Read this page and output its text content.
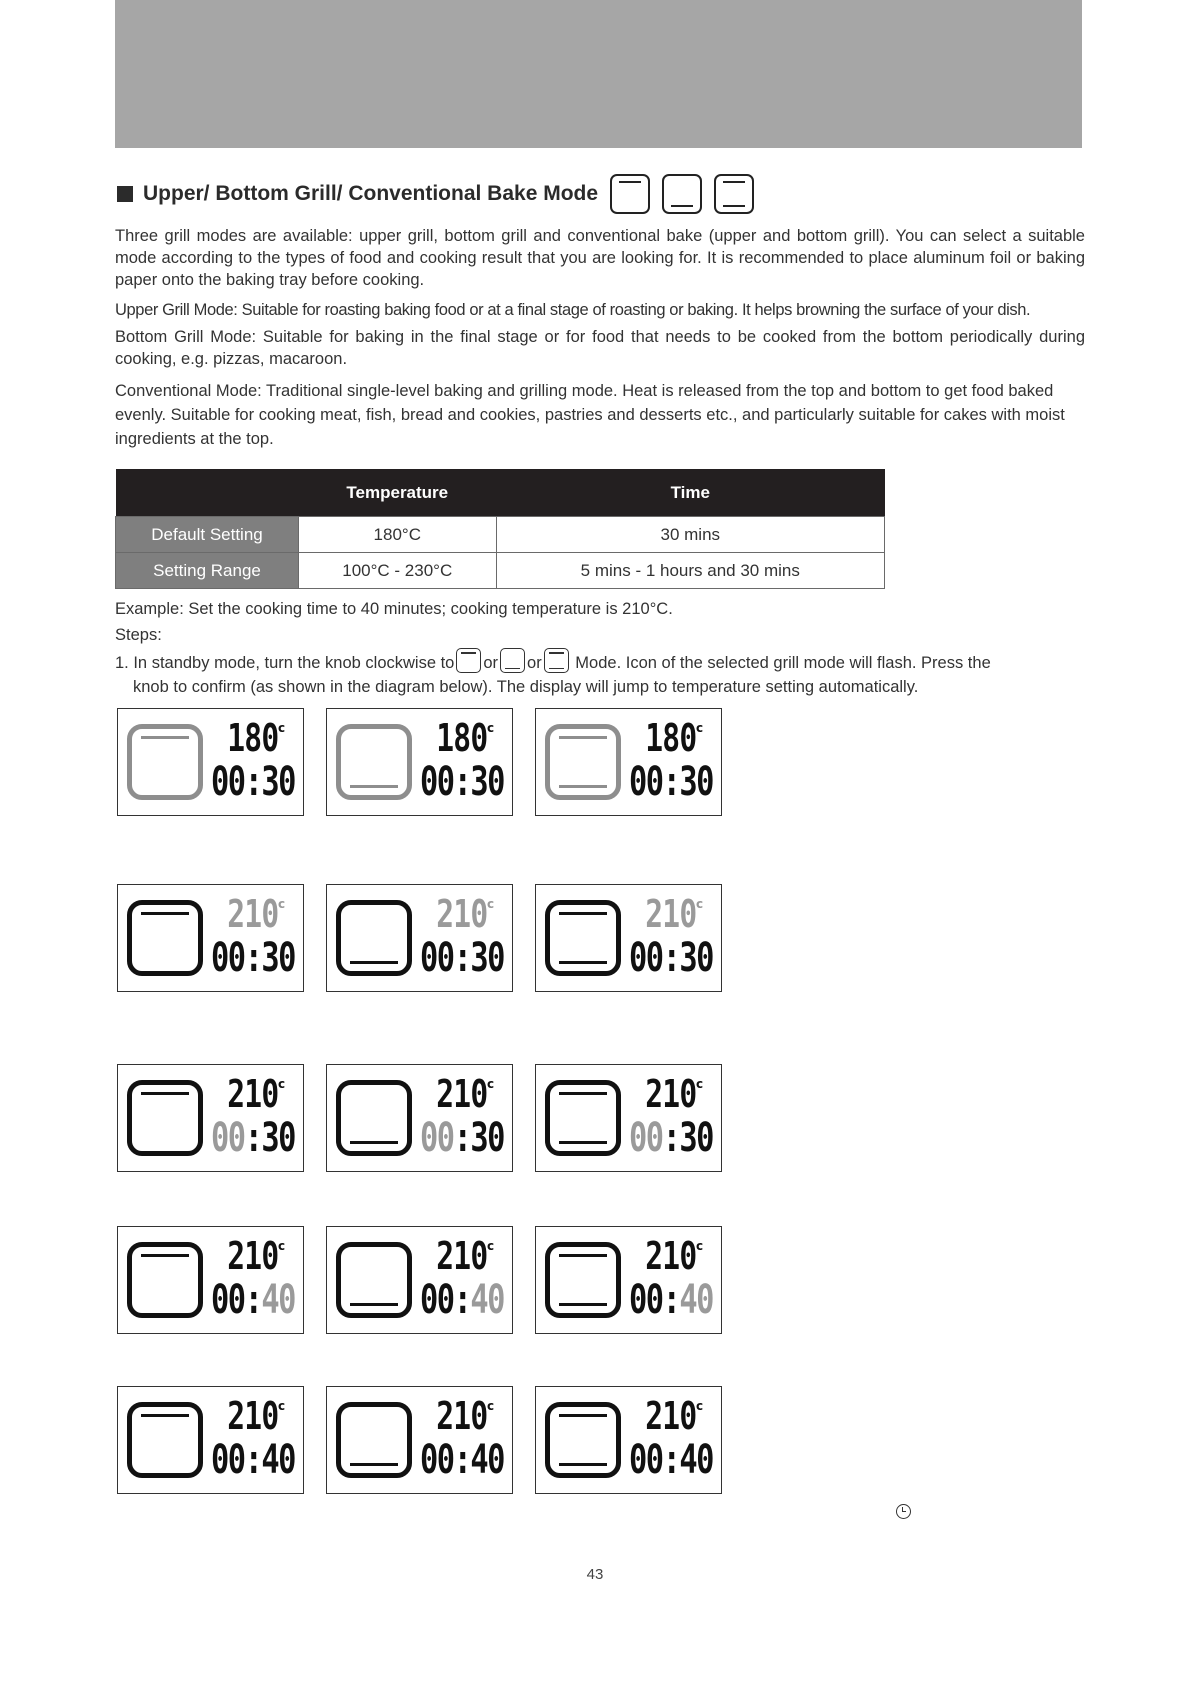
Upper/ Bottom Grill/ Conventional Bake Mode

Three grill modes are available: upper grill, bottom grill and conventional bake (upper and bottom grill). You can select a suitable mode according to the types of food and cooking result that you are looking for. It is recommended to place aluminum foil or baking paper onto the baking tray before cooking.

Upper Grill Mode: Suitable for roasting baking food or at a final stage of roasting or baking. It helps browning the surface of your dish.

Bottom Grill Mode: Suitable for baking in the final stage or for food that needs to be cooked from the bottom periodically during cooking, e.g. pizzas, macaroon.

Conventional Mode: Traditional single-level baking and grilling mode. Heat is released from the top and bottom to get food baked evenly. Suitable for cooking meat, fish, bread and cookies, pastries and desserts etc., and particularly suitable for cakes with moist ingredients at the top.

	Temperature	Time
Default Setting	180°C	30 mins
Setting Range	100°C - 230°C	5 mins - 1 hours and 30 mins

Example: Set the cooking time to 40 minutes; cooking temperature is 210°C.

Steps:

1. In standby mode, turn the knob clockwise to or or Mode. Icon of the selected grill mode will flash. Press the
knob to confirm (as shown in the diagram below). The display will jump to temperature setting automatically.

180 c
00:30
180 c
00:30
180 c
00:30
210 c
00:30
210 c
00:30
210 c
00:30
210 c
00:30
210 c
00:30
210 c
00:30
210 c
00:40
210 c
00:40
210 c
00:40
210 c
00:40
210 c
00:40
210 c
00:40
43
